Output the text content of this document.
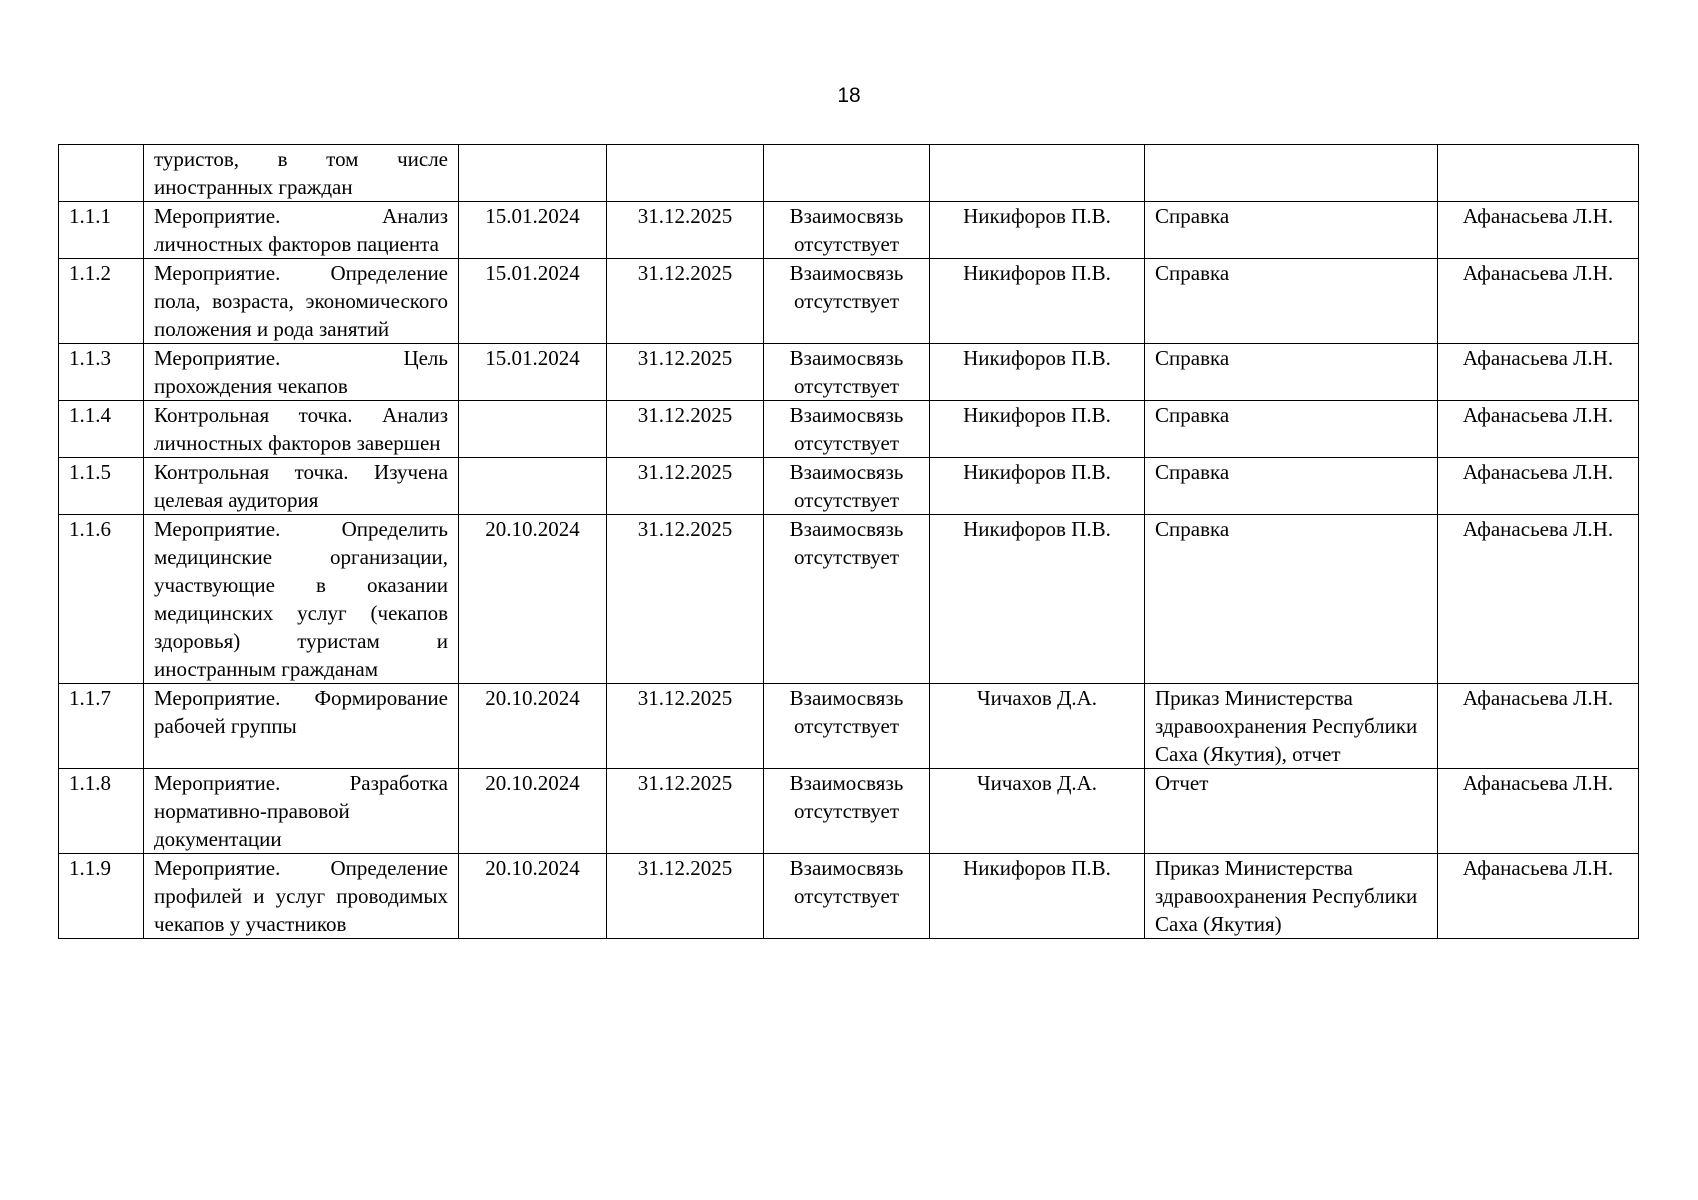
18
	туристов, в том числе иностранных граждан						
1.1.1	Мероприятие. Анализ личностных факторов пациента	15.01.2024	31.12.2025	Взаимосвязь отсутствует	Никифоров П.В.	Справка	Афанасьева Л.Н.
1.1.2	Мероприятие. Определение пола, возраста, экономического положения и рода занятий	15.01.2024	31.12.2025	Взаимосвязь отсутствует	Никифоров П.В.	Справка	Афанасьева Л.Н.
1.1.3	Мероприятие. Цель прохождения чекапов	15.01.2024	31.12.2025	Взаимосвязь отсутствует	Никифоров П.В.	Справка	Афанасьева Л.Н.
1.1.4	Контрольная точка. Анализ личностных факторов завершен		31.12.2025	Взаимосвязь отсутствует	Никифоров П.В.	Справка	Афанасьева Л.Н.
1.1.5	Контрольная точка. Изучена целевая аудитория		31.12.2025	Взаимосвязь отсутствует	Никифоров П.В.	Справка	Афанасьева Л.Н.
1.1.6	Мероприятие. Определить медицинские организации, участвующие в оказании медицинских услуг (чекапов здоровья) туристам и иностранным гражданам	20.10.2024	31.12.2025	Взаимосвязь отсутствует	Никифоров П.В.	Справка	Афанасьева Л.Н.
1.1.7	Мероприятие. Формирование рабочей группы	20.10.2024	31.12.2025	Взаимосвязь отсутствует	Чичахов Д.А.	Приказ Министерства здравоохранения Республики Саха (Якутия), отчет	Афанасьева Л.Н.
1.1.8	Мероприятие. Разработка нормативно-правовой документации	20.10.2024	31.12.2025	Взаимосвязь отсутствует	Чичахов Д.А.	Отчет	Афанасьева Л.Н.
1.1.9	Мероприятие. Определение профилей и услуг проводимых чекапов у участников	20.10.2024	31.12.2025	Взаимосвязь отсутствует	Никифоров П.В.	Приказ Министерства здравоохранения Республики Саха (Якутия)	Афанасьева Л.Н.
